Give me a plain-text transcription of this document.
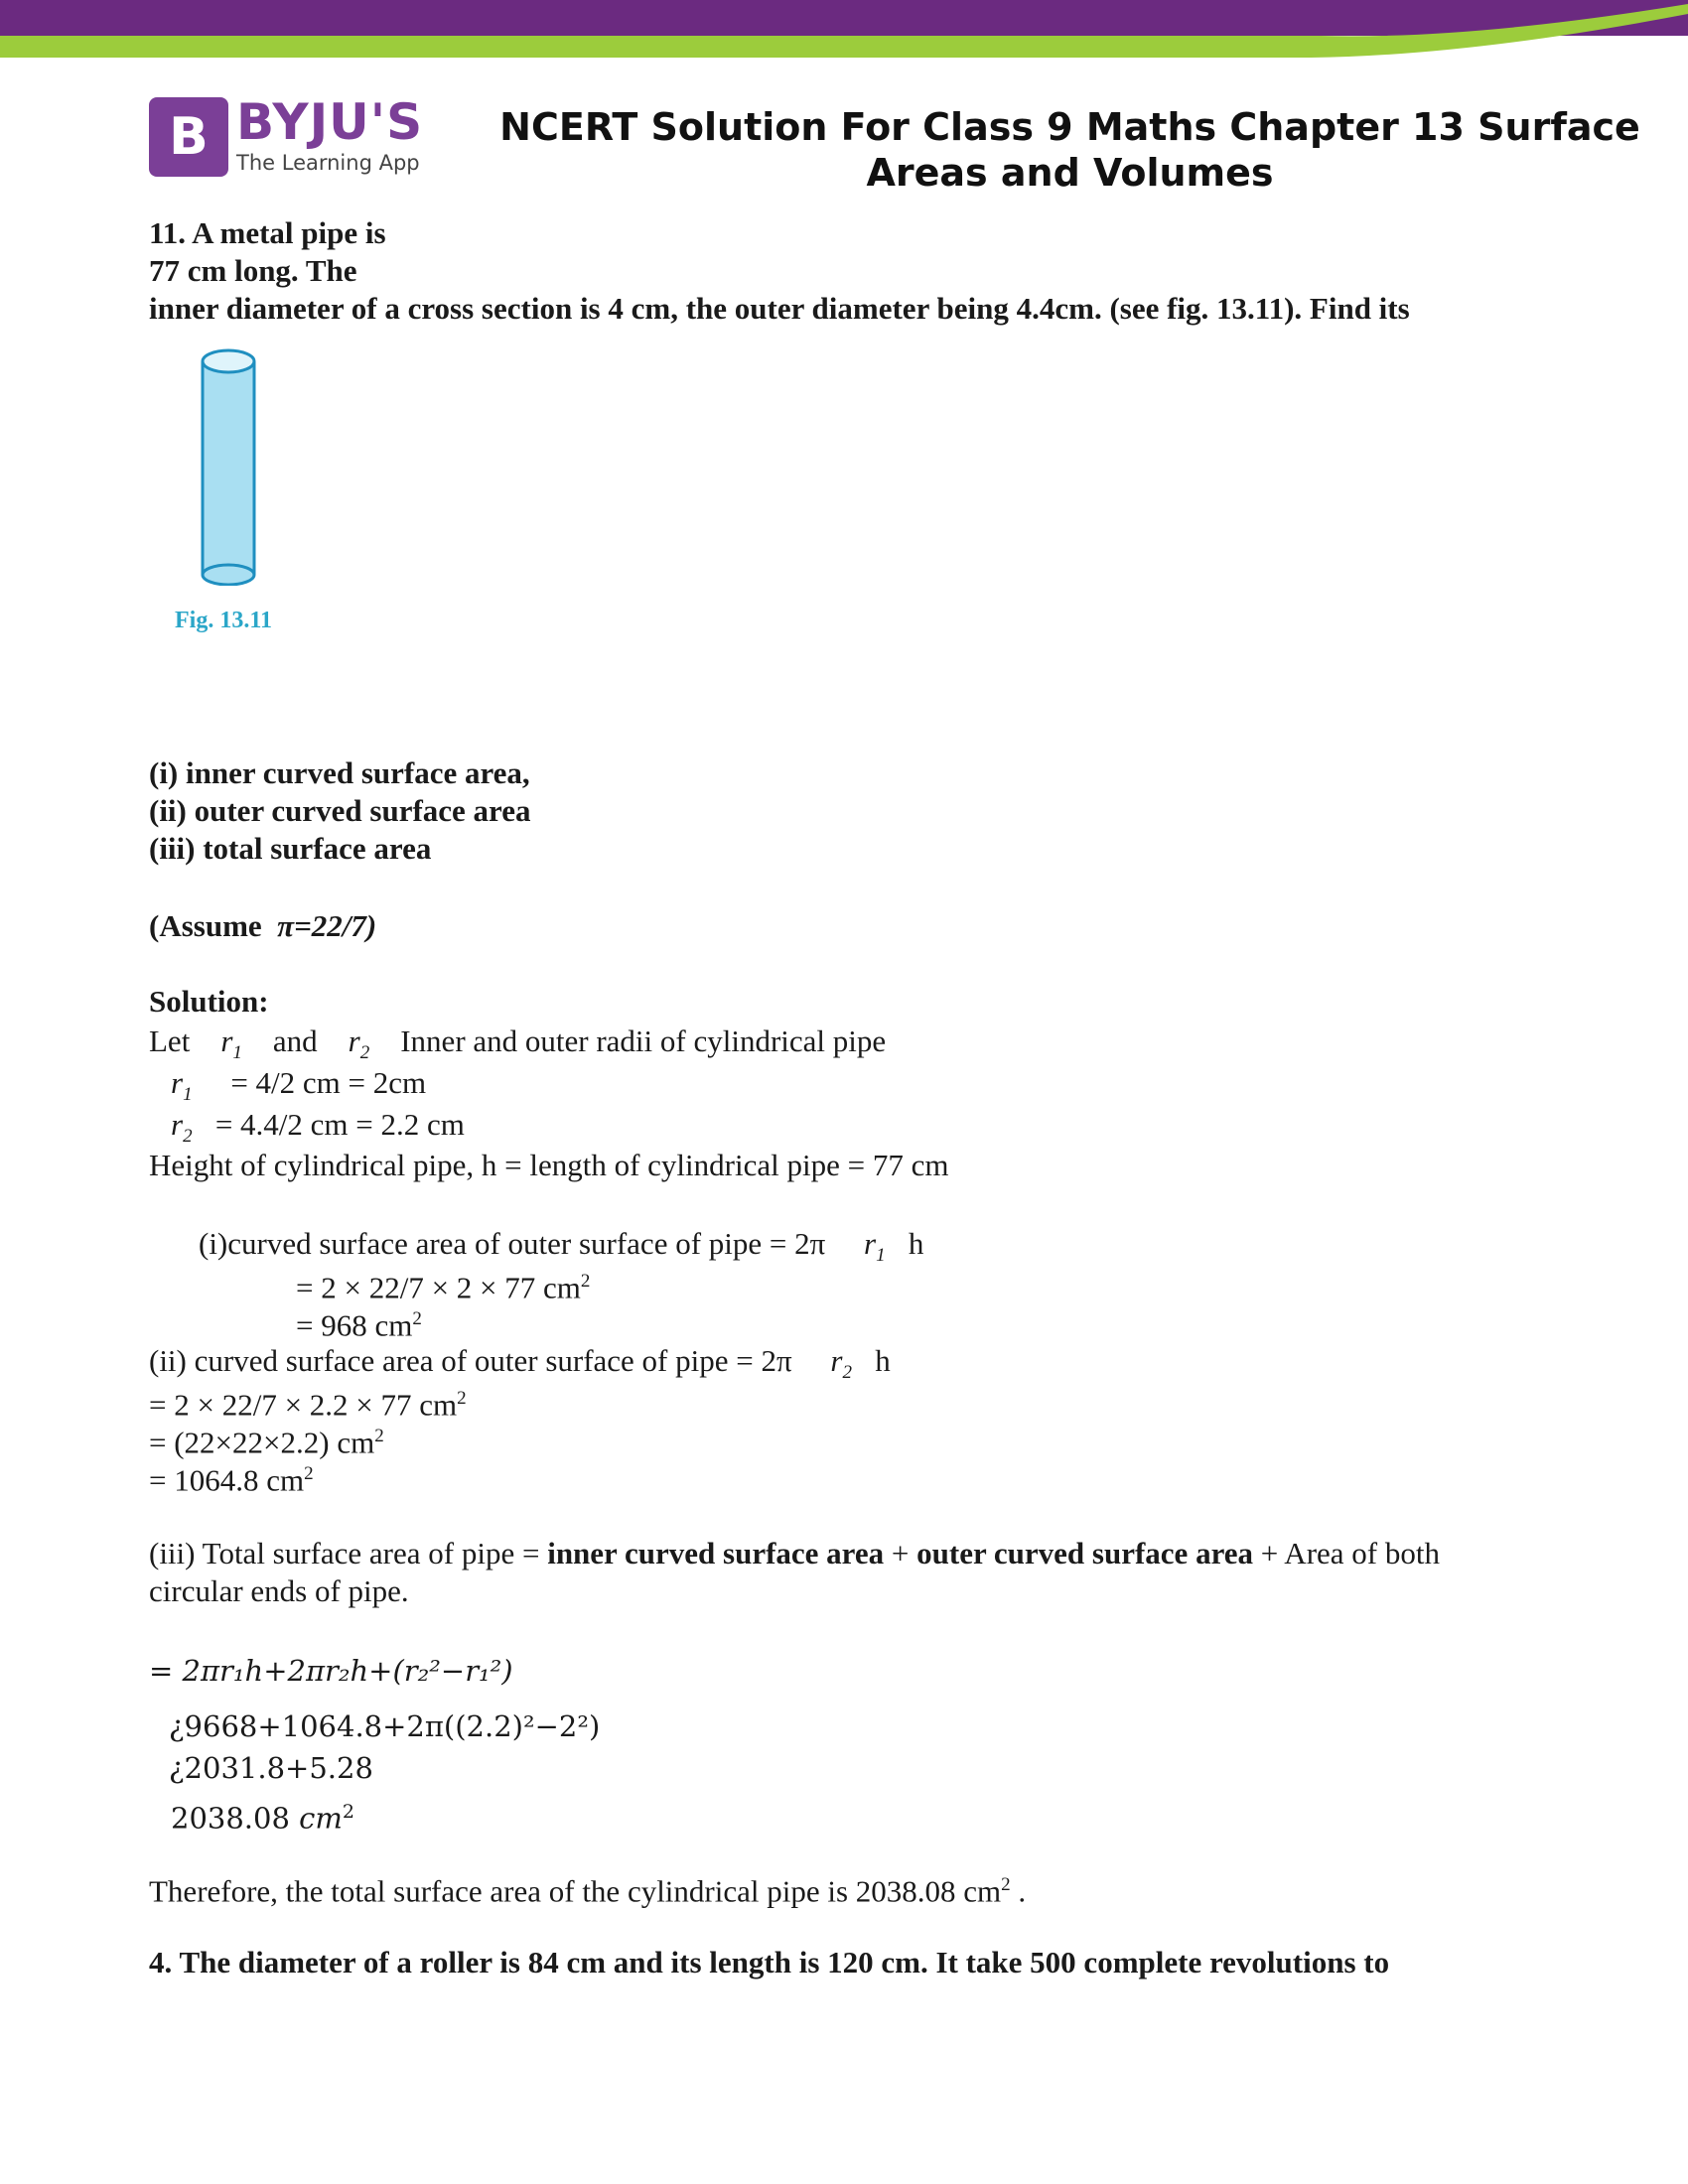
B BYJU'S
The Learning App
NCERT Solution For Class 9 Maths Chapter 13 Surface
Areas and Volumes
11. A metal pipe is
77 cm long. The
inner diameter of a cross section is 4 cm, the outer diameter being 4.4cm. (see fig. 13.11). Find its
Fig. 13.11
(i) inner curved surface area,
(ii) outer curved surface area
(iii) total surface area
(Assume π=22/7)
Solution:
Let $r_1$ and $r_2$ Inner and outer radii of cylindrical pipe
$r_1 = 4/2$ cm = 2cm
$r_2 = 4.4/2$ cm = 2.2 cm
Height of cylindrical pipe, h = length of cylindrical pipe = 77 cm
(i)curved surface area of outer surface of pipe = 2π $r_1$ h
= 2 × 22/7 × 2 × 77 $cm^2$
= 968 $cm^2$
(ii) curved surface area of outer surface of pipe = 2π $r_2$ h
= 2 × 22/7 × 2.2 × 77 $cm^2$
= (22×22×2.2) $cm^2$
= 1064.8 $cm^2$
(iii) Total surface area of pipe = inner curved surface area + outer curved surface area + Area of both
circular ends of pipe.
= 2πr₁h+2πr₂h+(r₂²−r₁²)
¿9668+1064.8+2π((2.2)²−2²)
¿2031.8+5.28
2038.08 $cm^2$
Therefore, the total surface area of the cylindrical pipe is 2038.08 $cm^2$ .
4. The diameter of a roller is 84 cm and its length is 120 cm. It take 500 complete revolutions to
